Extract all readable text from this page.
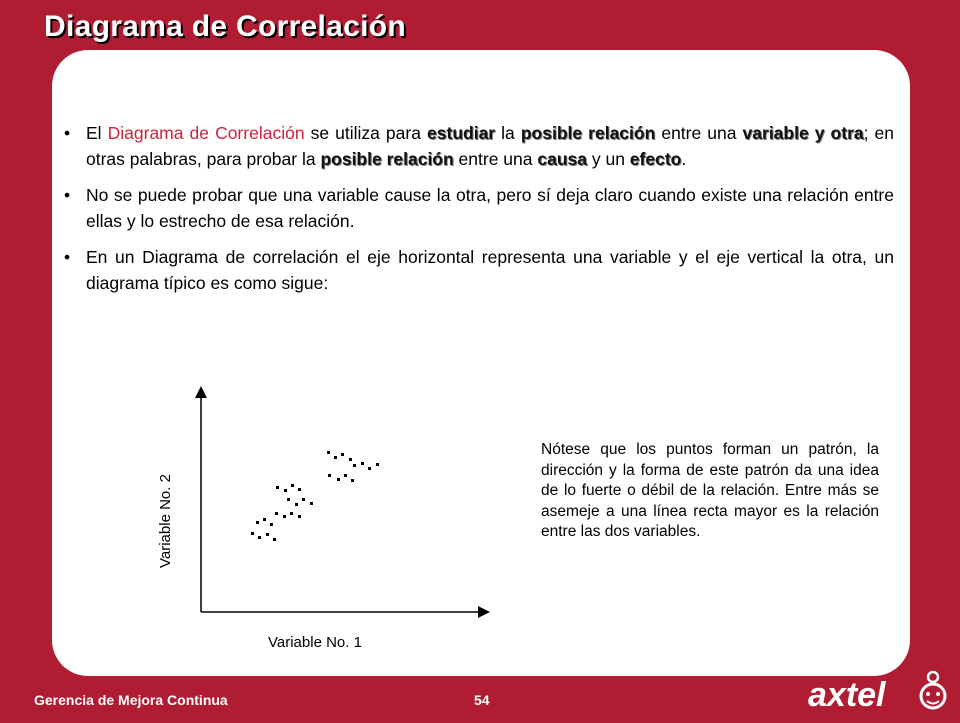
Diagrama de Correlación

• El Diagrama de Correlación se utiliza para estudiar la posible relación entre una variable y otra; en otras palabras, para probar la posible relación entre una causa y un efecto.

• No se puede probar que una variable cause la otra, pero sí deja claro cuando existe una relación entre ellas y lo estrecho de esa relación.

• En un Diagrama de correlación el eje horizontal representa una variable y el eje vertical la otra, un diagrama típico es como sigue:

Variable No. 1
Variable No. 2
Nótese que los puntos forman un patrón, la dirección y la forma de este patrón da una idea de lo fuerte o débil de la relación. Entre más se asemeje a una línea recta mayor es la relación entre las dos variables.
Gerencia de Mejora Continua	54	axtel
